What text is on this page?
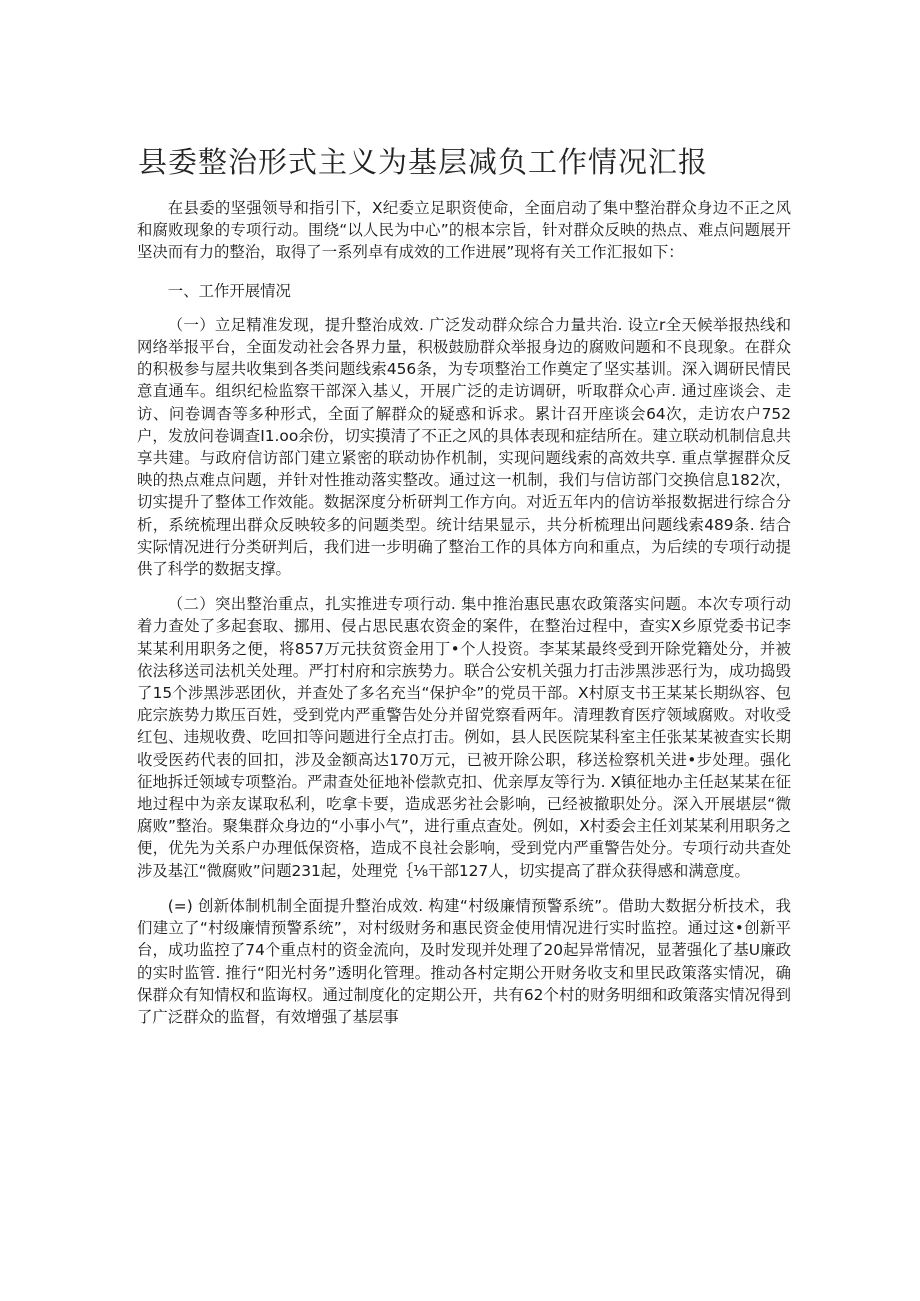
县委整治形式主义为基层减负工作情况汇报

在县委的坚强领导和指引下，X纪委立足职资使命，全面启动了集中整治群众身边不正之风和腐败现象的专项行动。围绕“以人民为中心”的根本宗旨，针对群众反映的热点、难点问题展开坚决而有力的整治，取得了一系列卓有成效的工作进展”现将有关工作汇报如下：

一、工作开展情况

（一）立足精准发现，提升整治成效. 广泛发动群众综合力量共治. 设立r全天候举报热线和网络举报平台，全面发动社会各界力量，积极鼓励群众举报身边的腐败问题和不良现象。在群众的积极参与屋共收集到各类问题线索456条，为专项整治工作奠定了坚实基训。深入调研民情民意直通车。组织纪检监察干部深入基乂，开展广泛的走访调研，听取群众心声. 通过座谈会、走访、问卷调杳等多种形式，全面了解群众的疑惑和诉求。累计召开座谈会64次，走访农户752户，发放问卷调查I1.oo余份，切实摸清了不正之风的具体表现和症结所在。建立联动机制信息共享共建。与政府信访部门建立紧密的联动协作机制，实现问题线索的高效共享. 重点掌握群众反映的热点难点问题，并针对性推动落实整改。通过这一机制，我们与信访部门交换信息182次，切实提升了整体工作效能。数据深度分析研判工作方向。对近五年内的信访举报数据进行综合分析，系统梳理出群众反映较多的问题类型。统计结果显示，共分析梳理出问题线索489条. 结合实际情况进行分类研判后，我们进一步明确了整治工作的具体方向和重点，为后续的专项行动提供了科学的数据支撑。

（二）突出整治重点，扎实推进专项行动. 集中推治惠民惠农政策落实问题。本次专项行动着力查处了多起套取、挪用、侵占思民惠农资金的案件，在整治过程中，查实X乡原党委书记李某某利用职务之便，将857万元扶贫资金用丁•个人投资。李某某最终受到开除党籍处分，并被依法移送司法机关处理。严打村府和宗族势力。联合公安机关强力打击涉黑涉恶行为，成功捣毁了15个涉黑涉恶团伙，并查处了多名充当“保护伞”的党员干部。X村原支书王某某长期纵容、包庇宗族势力欺压百姓，受到党内严重警告处分并留党察看两年。清理教育医疗领域腐败。对收受红包、违规收费、吃回扣等问题进行全点打击。例如，县人民医院某科室主任张某某被查实长期收受医药代表的回扣，涉及金额高达170万元，已被开除公职，移送检察机关进•步处理。强化征地拆迁领域专项整治。严肃查处征地补偿款克扣、优亲厚友等行为. X镇征地办主任赵某某在征地过程中为亲友谋取私利，吃拿卡要，造成恶劣社会影响，已经被撤职处分。深入开展堪层“微腐败”整治。聚集群众身边的“小事小气”，进行重点查处。例如，X村委会主任刘某某利用职务之便，优先为关系户办理低保资格，造成不良社会影响，受到党内严重警告处分。专项行动共查处涉及基江“微腐败”问题231起，处理党｛⅛干部127人，切实提高了群众获得感和满意度。

(=) 创新体制机制全面提升整治成效. 构建“村级廉情预警系统”。借助大数据分析技术，我们建立了“村级廉情预警系统”，对村级财务和惠民资金使用情况进行实时监控。通过这•创新平台，成功监控了74个重点村的资金流向，及时发现并处理了20起异常情况，显著强化了基U廉政的实时监管. 推行“阳光村务”透明化管理。推动各村定期公开财务收支和里民政策落实情况，确保群众有知情权和监诲权。通过制度化的定期公开，共有62个村的财务明细和政策落实情况得到了广泛群众的监督，有效增强了基层事
